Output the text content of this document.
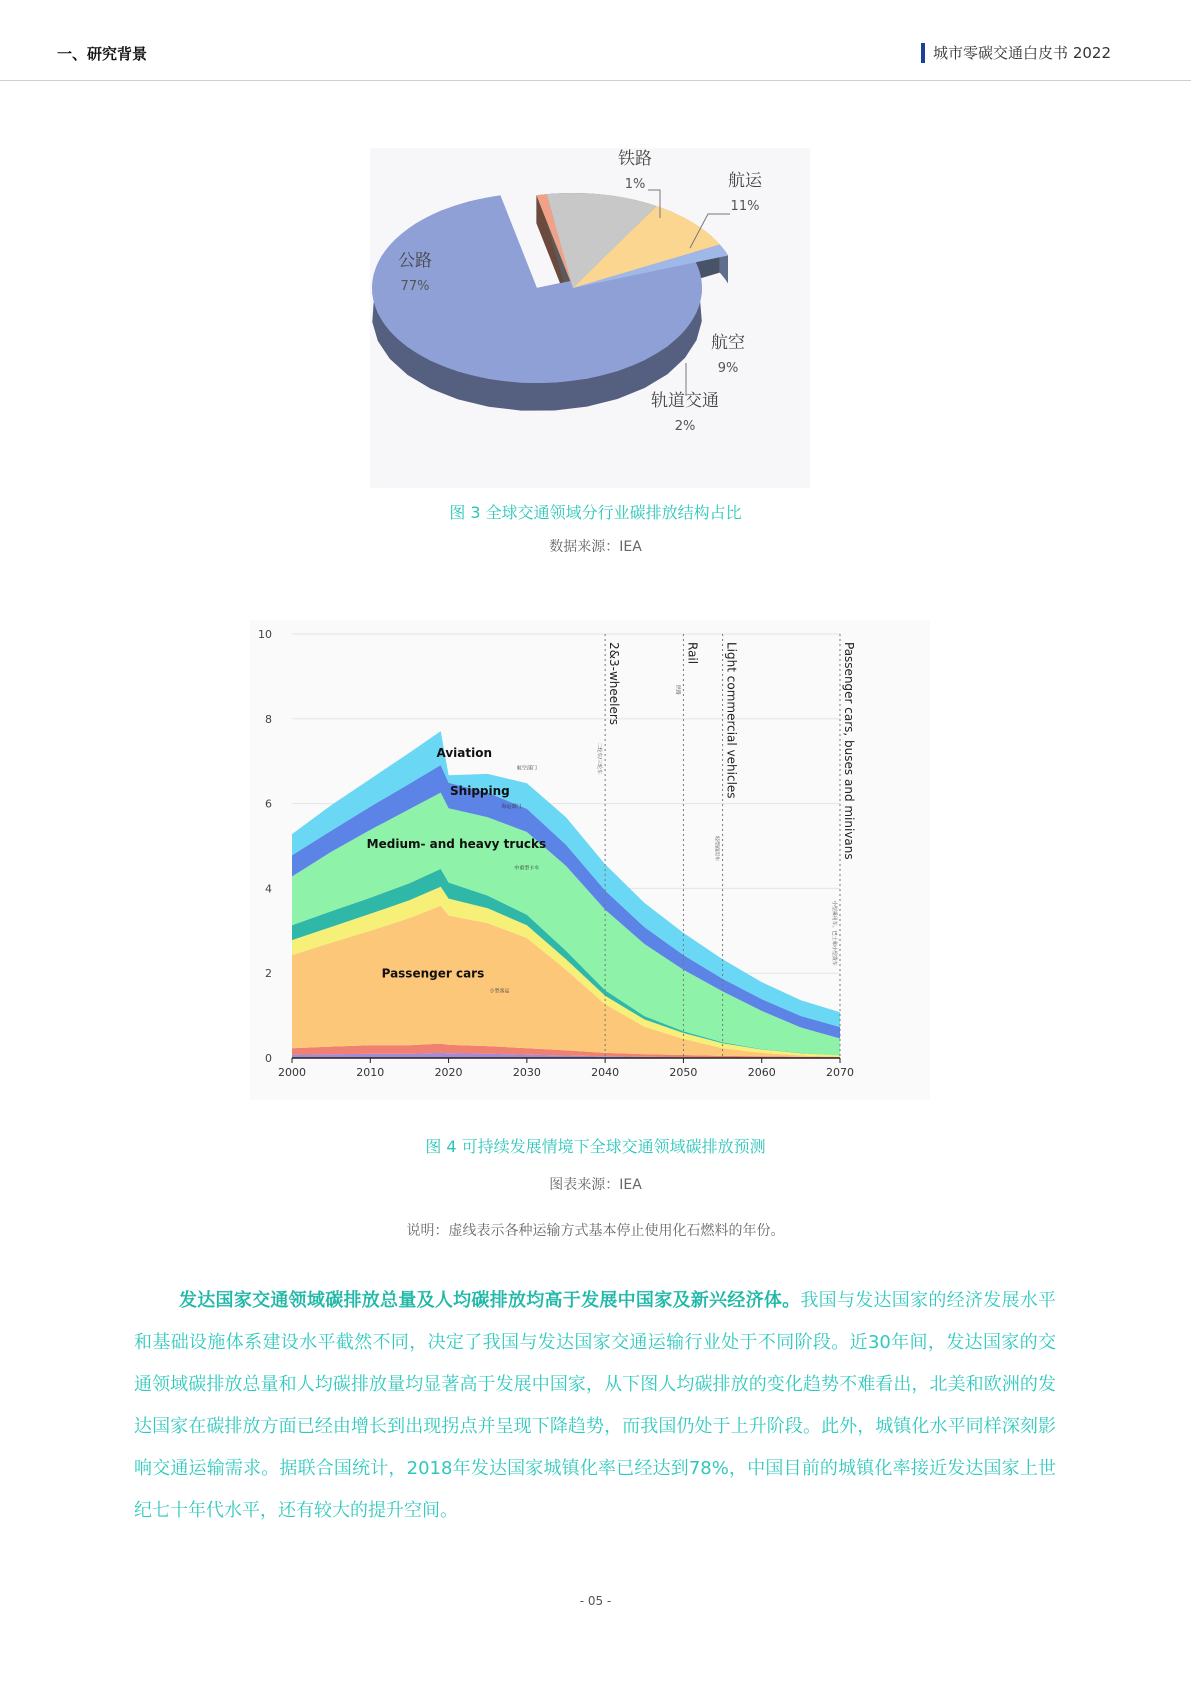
一、研究背景	城市零碳交通白皮书 2022
公路
77%
铁路
1%	航运
11%
航空
9%
轨道交通
2%
图 3 全球交通领域分行业碳排放结构占比
数据来源：IEA
0
2
4
6
8
10
2000	2010	2020	2030	2040	2050	2060	2070
2&3-wheelers
二轮车/三轮车
Rail
铁路	Light commercial vehicles
轻型商用车	Passenger cars, buses and minivans
小型乘用车、巴士和小型货车
Passenger cars
小型客运
Medium- and heavy trucks
中重型卡车
Shipping
海运部门
Aviation
航空部门
图 4 可持续发展情境下全球交通领域碳排放预测
图表来源：IEA
说明：虚线表示各种运输方式基本停止使用化石燃料的年份。
发达国家交通领域碳排放总量及人均碳排放均高于发展中国家及新兴经济体。我国与发达国家的经济发展水平和基础设施体系建设水平截然不同，决定了我国与发达国家交通运输行业处于不同阶段。近30年间，发达国家的交通领域碳排放总量和人均碳排放量均显著高于发展中国家，从下图人均碳排放的变化趋势不难看出，北美和欧洲的发达国家在碳排放方面已经由增长到出现拐点并呈现下降趋势，而我国仍处于上升阶段。此外，城镇化水平同样深刻影响交通运输需求。据联合国统计，2018年发达国家城镇化率已经达到78%，中国目前的城镇化率接近发达国家上世纪七十年代水平，还有较大的提升空间。
- 05 -
